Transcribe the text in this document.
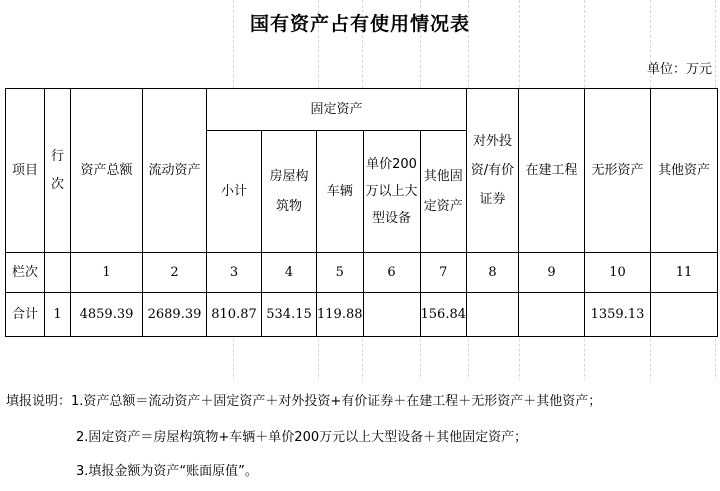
国有资产占有使用情况表
单位：万元
项目	行次	资产总额	流动资产	固定资产					对外投资/有价证券	在建工程	无形资产	其他资产
				小计	房屋构筑物	车辆	单价200万以上大型设备	其他固定资产				

栏次		1	2	3	4	5	6	7	8	9	10	11
合计	1	4859.39	2689.39	810.87	534.15	119.88		156.84			1359.13	
填报说明：1.资产总额＝流动资产＋固定资产＋对外投资+有价证券＋在建工程＋无形资产＋其他资产；
2.固定资产＝房屋构筑物+车辆＋单价200万元以上大型设备＋其他固定资产；
3.填报金额为资产“账面原值”。
